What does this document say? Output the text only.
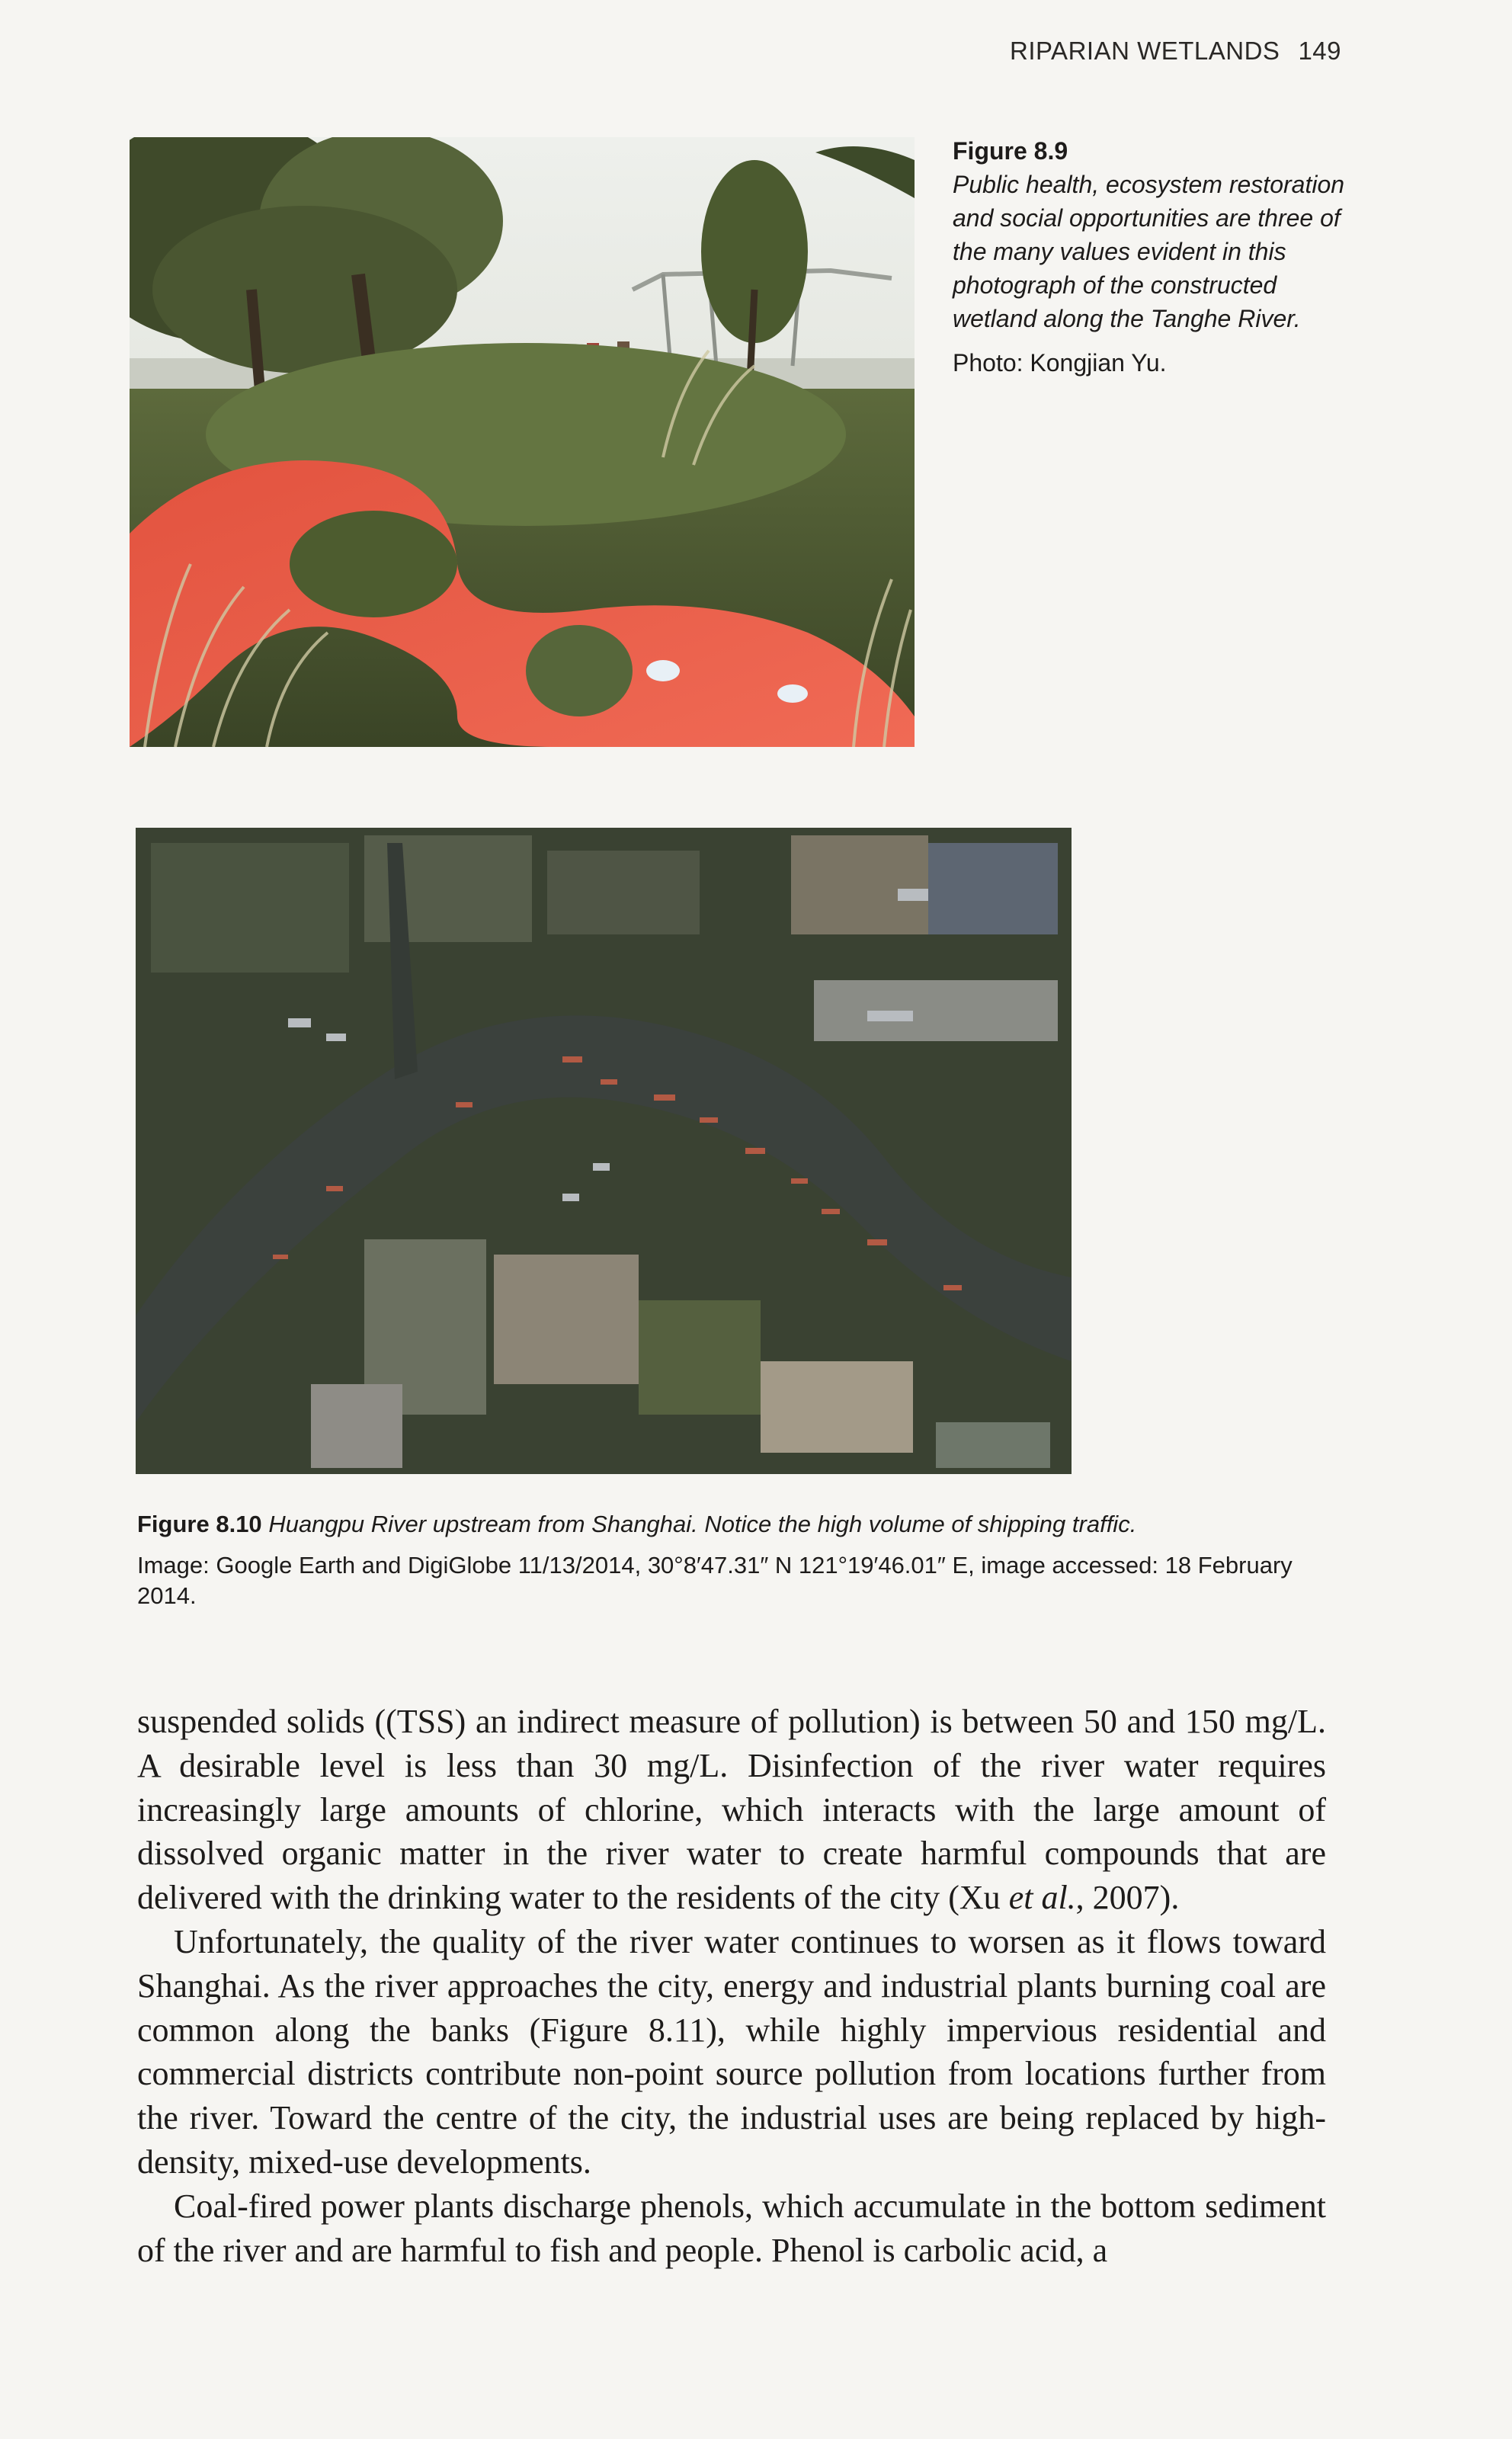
RIPARIAN WETLANDS 149
Figure 8.9
Public health, ecosystem restoration and social opportunities are three of the many values evident in this photograph of the constructed wetland along the Tanghe River.
Photo: Kongjian Yu.
Figure 8.10 Huangpu River upstream from Shanghai. Notice the high volume of shipping traffic.
Image: Google Earth and DigiGlobe 11/13/2014, 30°8′47.31″ N 121°19′46.01″ E, image accessed: 18 February 2014.

suspended solids ((TSS) an indirect measure of pollution) is between 50 and 150 mg/L. A desirable level is less than 30 mg/L. Disinfection of the river water requires increasingly large amounts of chlorine, which interacts with the large amount of dissolved organic matter in the river water to create harmful compounds that are delivered with the drinking water to the residents of the city (Xu et al., 2007).

Unfortunately, the quality of the river water continues to worsen as it flows toward Shanghai. As the river approaches the city, energy and industrial plants burning coal are common along the banks (Figure 8.11), while highly impervious residential and commercial districts contribute non-point source pollution from locations further from the river. Toward the centre of the city, the industrial uses are being replaced by high-density, mixed-use developments.

Coal-fired power plants discharge phenols, which accumulate in the bottom sediment of the river and are harmful to fish and people. Phenol is carbolic acid, a
